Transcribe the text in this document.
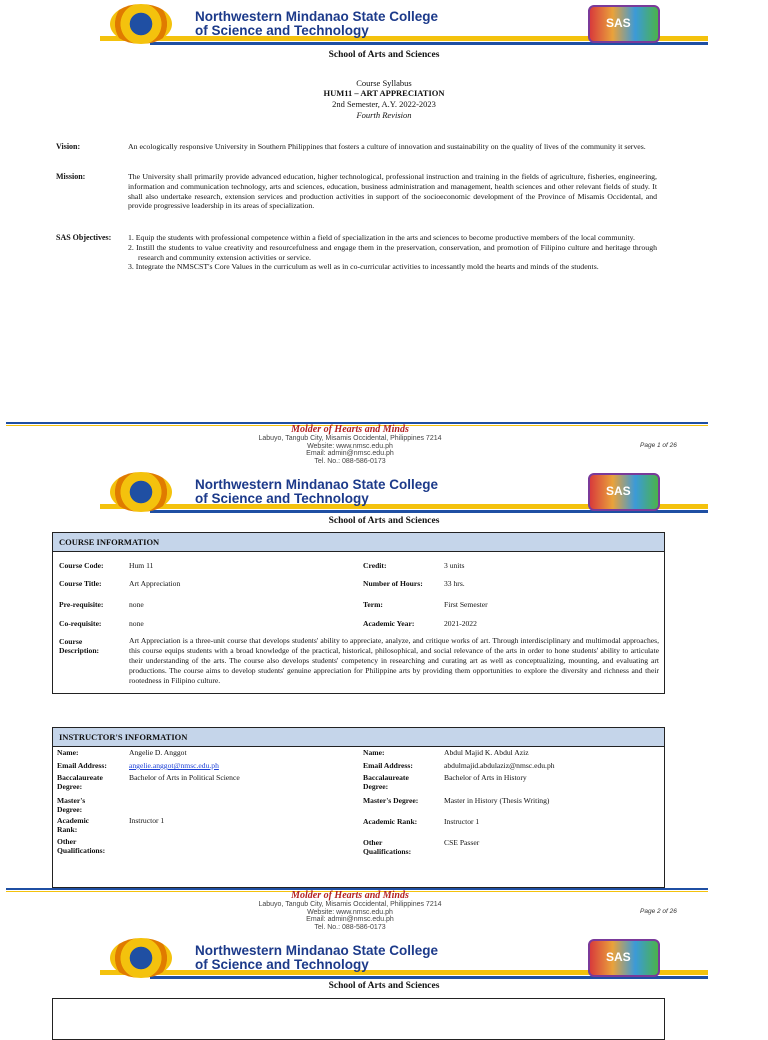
Northwestern Mindanao State College
of Science and Technology	SAS
School of Arts and Sciences
Course Syllabus
HUM11 – ART APPRECIATION
2nd Semester, A.Y. 2022-2023
Fourth Revision
Vision:	An ecologically responsive University in Southern Philippines that fosters a culture of innovation and sustainability on the quality of lives of the community it serves.
Mission:	The University shall primarily provide advanced education, higher technological, professional instruction and training in the fields of agriculture, fisheries, engineering, information and communication technology, arts and sciences, education, business administration and management, health sciences and other relevant fields of study. It shall also undertake research, extension services and production activities in support of the socioeconomic development of the Province of Misamis Occidental, and provide progressive leadership in its areas of specialization.
SAS Objectives: 1. Equip the students with professional competence within a field of specialization in the arts and sciences to become productive members of the local community.
2. Instill the students to value creativity and resourcefulness and engage them in the preservation, conservation, and promotion of Filipino culture and heritage through research and community extension activities or service.
3. Integrate the NMSCST's Core Values in the curriculum as well as in co-curricular activities to incessantly mold the hearts and minds of the students.
Molder of Hearts and Minds
Labuyo, Tangub City, Misamis Occidental, Philippines 7214
Website: www.nmsc.edu.ph
Email: admin@nmsc.edu.ph
Tel. No.: 088-586-0173
Page 1 of 26
Northwestern Mindanao State College
of Science and Technology	SAS
School of Arts and Sciences
COURSE INFORMATION
Course Code:	Hum 11	Credit:	3 units
Course Title:	Art Appreciation	Number of Hours:	33 hrs.
Pre-requisite:	none	Term:	First Semester
Co-requisite:	none	Academic Year:	2021-2022
Course
Description:
Art Appreciation is a three-unit course that develops students' ability to appreciate, analyze, and critique works of art. Through interdisciplinary and multimodal approaches, this course equips students with a broad knowledge of the practical, historical, philosophical, and social relevance of the arts in order to hone students' ability to articulate their understanding of the arts. The course also develops students' competency in researching and curating art as well as conceptualizing, mounting, and evaluating art productions. The course aims to develop students' genuine appreciation for Philippine arts by providing them opportunities to explore the diversity and richness and their rootedness in Filipino culture.
INSTRUCTOR'S INFORMATION
Name:	Angelie D. Anggot
Email Address:	angelie.anggot@nmsc.edu.ph
Baccalaureate
Degree:
Bachelor of Arts in Political Science
Master's
Degree:
Academic
Rank:
Instructor 1
Other
Qualifications:
Name:	Abdul Majid K. Abdul Aziz
Email Address:	abdulmajid.abdulaziz@nmsc.edu.ph
Baccalaureate
Degree:
Bachelor of Arts in History
Master's Degree:	Master in History (Thesis Writing)
Academic Rank:	Instructor 1
Other
Qualifications:
CSE Passer
Molder of Hearts and Minds
Labuyo, Tangub City, Misamis Occidental, Philippines 7214
Website: www.nmsc.edu.ph
Email: admin@nmsc.edu.ph
Tel. No.: 088-586-0173
Page 2 of 26
Northwestern Mindanao State College
of Science and Technology	SAS
School of Arts and Sciences
